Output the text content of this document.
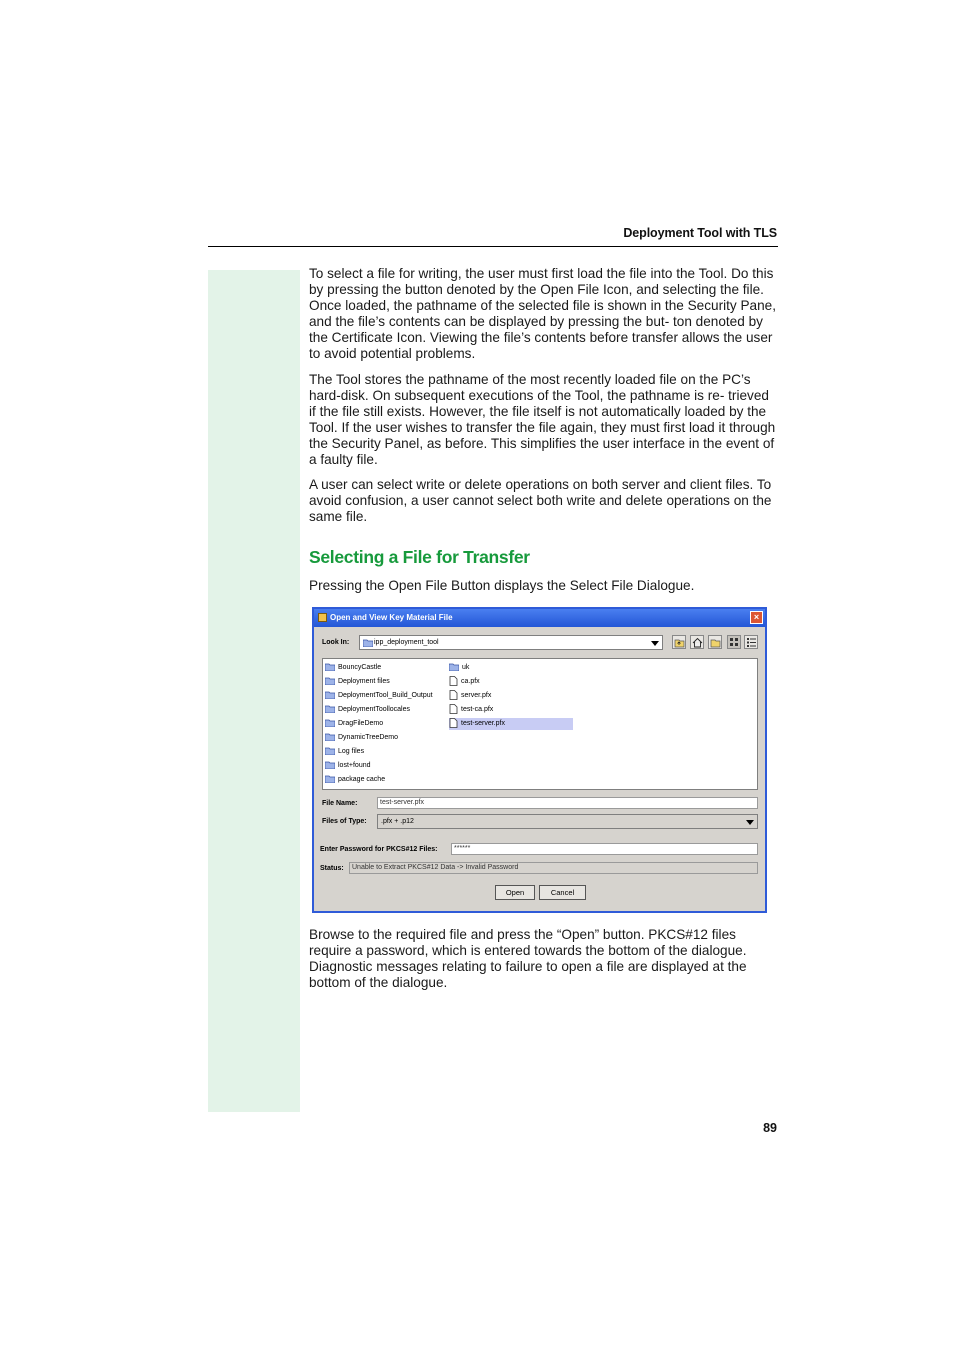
Deployment Tool with TLS

To select a file for writing, the user must first load the file into the Tool. Do this by pressing the button denoted by the Open File Icon, and selecting the file. Once loaded, the pathname of the selected file is shown in the Security Pane, and the file’s contents can be displayed by pressing the but- ton denoted by the Certificate Icon. Viewing the file’s contents before transfer allows the user to avoid potential problems.

The Tool stores the pathname of the most recently loaded file on the PC’s hard-disk. On subsequent executions of the Tool, the pathname is re- trieved if the file still exists. However, the file itself is not automatically loaded by the Tool. If the user wishes to transfer the file again, they must first load it through the Security Panel, as before. This simplifies the user interface in the event of a faulty file.

A user can select write or delete operations on both server and client files. To avoid confusion, a user cannot select both write and delete operations on the same file.

Selecting a File for Transfer

Pressing the Open File Button displays the Select File Dialogue.

Open and View Key Material File	×
Look In:	ipp_deployment_tool
BouncyCastle
Deployment files
DeploymentTool_Build_Output
DeploymentToollocales
DragFileDemo
DynamicTreeDemo
Log files
lost+found
package cache
uk
ca.pfx
server.pfx
test-ca.pfx
test-server.pfx
File Name:	test-server.pfx
Files of Type: .pfx + .p12
Enter Password for PKCS#12 Files:	******
Status:	Unable to Extract PKCS#12 Data -> Invalid Password
Open	Cancel

Browse to the required file and press the “Open” button. PKCS#12 files require a password, which is entered towards the bottom of the dialogue. Diagnostic messages relating to failure to open a file are displayed at the bottom of the dialogue.

89
